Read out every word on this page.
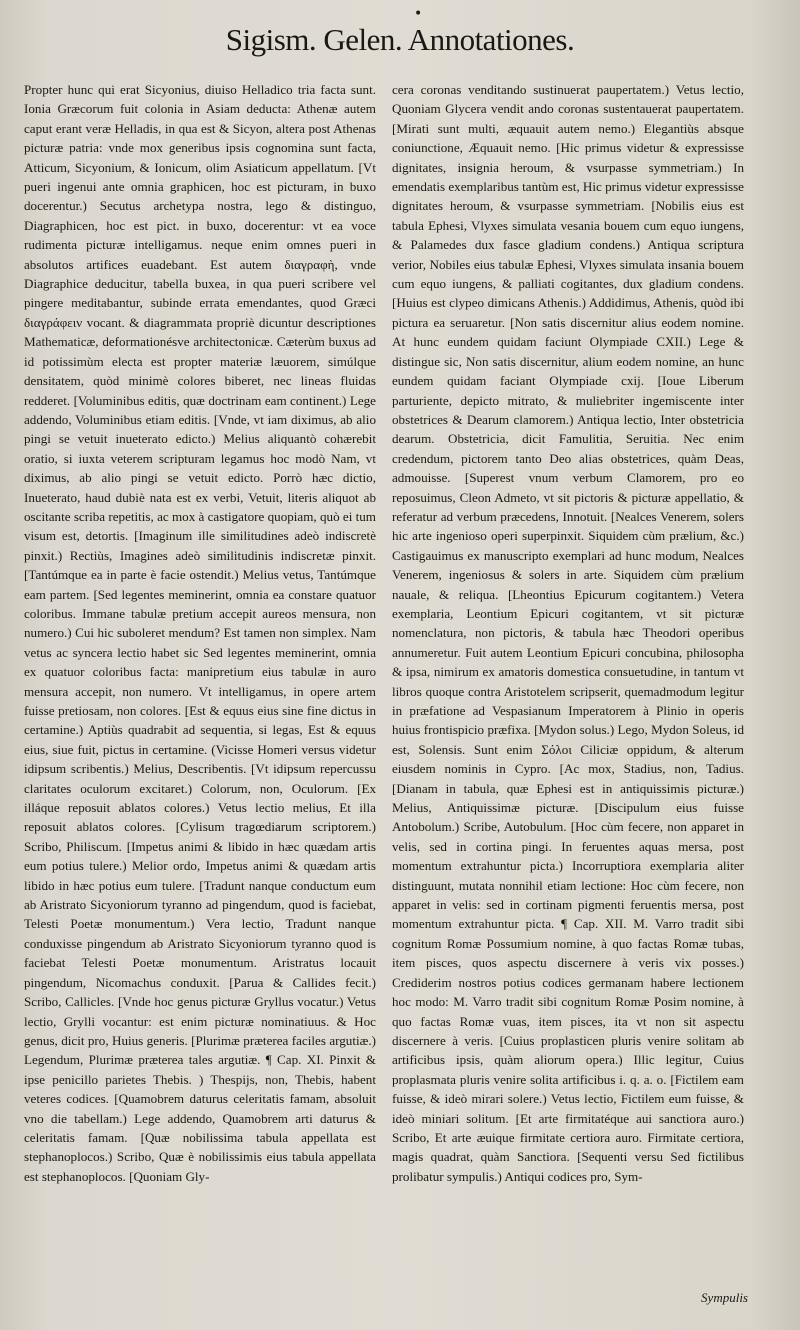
•
Sigism. Gelen. Annotationes.

Propter hunc qui erat Sicyonius, diuiso Helladico tria facta sunt. Ionia Græcorum fuit colonia in Asiam deducta: Athenæ autem caput erant veræ Helladis, in qua est & Sicyon, altera post Athenas picturæ patria: vnde mox generibus ipsis cognomina sunt facta, Atticum, Sicyonium, & Ionicum, olim Asiaticum appellatum. [Vt pueri ingenui ante omnia graphicen, hoc est picturam, in buxo docerentur.) Secutus archetypa nostra, lego & distinguo, Diagraphicen, hoc est pict. in buxo, docerentur: vt ea voce rudimenta picturæ intelligamus. neque enim omnes pueri in absolutos artifices euadebant. Est autem διαγραφὴ, vnde Diagraphice deducitur, tabella buxea, in qua pueri scribere vel pingere meditabantur, subinde errata emendantes, quod Græci διαγράφειν vocant. & diagrammata propriè dicuntur descriptiones Mathematicæ, deformationésve architectonicæ. Cæterùm buxus ad id potissimùm electa est propter materiæ læuorem, simúlque densitatem, quòd minimè colores biberet, nec lineas fluidas redderet. [Voluminibus editis, quæ doctrinam eam continent.) Lege addendo, Voluminibus etiam editis. [Vnde, vt iam diximus, ab alio pingi se vetuit inueterato edicto.) Melius aliquantò cohærebit oratio, si iuxta veterem scripturam legamus hoc modò Nam, vt diximus, ab alio pingi se vetuit edicto. Porrò hæc dictio, Inueterato, haud dubiè nata est ex verbi, Vetuit, literis aliquot ab oscitante scriba repetitis, ac mox à castigatore quopiam, quò ei tum visum est, detortis. [Imaginum ille similitudines adeò indiscretè pinxit.) Rectiùs, Imagines adeò similitudinis indiscretæ pinxit. [Tantúmque ea in parte è facie ostendit.) Melius vetus, Tantúmque eam partem. [Sed legentes meminerint, omnia ea constare quatuor coloribus. Immane tabulæ pretium accepit aureos mensura, non numero.) Cui hic suboleret mendum? Est tamen non simplex. Nam vetus ac syncera lectio habet sic Sed legentes meminerint, omnia ex quatuor coloribus facta: manipretium eius tabulæ in auro mensura accepit, non numero. Vt intelligamus, in opere artem fuisse pretiosam, non colores. [Est & equus eius sine fine dictus in certamine.) Aptiùs quadrabit ad sequentia, si legas, Est & equus eius, siue fuit, pictus in certamine. (Vicisse Homeri versus videtur idipsum scribentis.) Melius, Describentis. [Vt idipsum repercussu claritates oculorum excitaret.) Colorum, non, Oculorum. [Ex illáque reposuit ablatos colores.) Vetus lectio melius, Et illa reposuit ablatos colores. [Cylisum tragœdiarum scriptorem.) Scribo, Philiscum. [Impetus animi & libido in hæc quædam artis eum potius tulere.) Melior ordo, Impetus animi & quædam artis libido in hæc potius eum tulere. [Tradunt nanque conductum eum ab Aristrato Sicyoniorum tyranno ad pingendum, quod is faciebat, Telesti Poetæ monumentum.) Vera lectio, Tradunt nanque conduxisse pingendum ab Aristrato Sicyoniorum tyranno quod is faciebat Telesti Poetæ monumentum. Aristratus locauit pingendum, Nicomachus conduxit. [Parua & Callides fecit.) Scribo, Callicles. [Vnde hoc genus picturæ Gryllus vocatur.) Vetus lectio, Grylli vocantur: est enim picturæ nominatiuus. & Hoc genus, dicit pro, Huius generis. [Plurimæ præterea faciles argutiæ.) Legendum, Plurimæ præterea tales argutiæ. ¶ Cap. XI. Pinxit & ipse penicillo parietes Thebis. ) Thespijs, non, Thebis, habent veteres codices. [Quamobrem daturus celeritatis famam, absoluit vno die tabellam.) Lege addendo, Quamobrem arti daturus & celeritatis famam. [Quæ nobilissima tabula appellata est stephanoplocos.) Scribo, Quæ è nobilissimis eius tabula appellata est stephanoplocos. [Quoniam Gly-

cera coronas venditando sustinuerat paupertatem.) Vetus lectio, Quoniam Glycera vendit ando coronas sustentauerat paupertatem. [Mirati sunt multi, æquauit autem nemo.) Elegantiùs absque coniunctione, Æquauit nemo. [Hic primus videtur & expressisse dignitates, insignia heroum, & vsurpasse symmetriam.) In emendatis exemplaribus tantùm est, Hic primus videtur expressisse dignitates heroum, & vsurpasse symmetriam. [Nobilis eius est tabula Ephesi, Vlyxes simulata vesania bouem cum equo iungens, & Palamedes dux fasce gladium condens.) Antiqua scriptura verior, Nobiles eius tabulæ Ephesi, Vlyxes simulata insania bouem cum equo iungens, & palliati cogitantes, dux gladium condens. [Huius est clypeo dimicans Athenis.) Addidimus, Athenis, quòd ibi pictura ea seruaretur. [Non satis discernitur alius eodem nomine. At hunc eundem quidam faciunt Olympiade CXII.) Lege & distingue sic, Non satis discernitur, alium eodem nomine, an hunc eundem quidam faciant Olympiade cxij. [Ioue Liberum parturiente, depicto mitrato, & muliebriter ingemiscente inter obstetrices & Dearum clamorem.) Antiqua lectio, Inter obstetricia dearum. Obstetricia, dicit Famulitia, Seruitia. Nec enim credendum, pictorem tanto Deo alias obstetrices, quàm Deas, admouisse. [Superest vnum verbum Clamorem, pro eo reposuimus, Cleon Admeto, vt sit pictoris & picturæ appellatio, & referatur ad verbum præcedens, Innotuit. [Nealces Venerem, solers hic arte ingenioso operi superpinxit. Siquidem cùm prælium, &c.) Castigauimus ex manuscripto exemplari ad hunc modum, Nealces Venerem, ingeniosus & solers in arte. Siquidem cùm prælium nauale, & reliqua. [Lheontius Epicurum cogitantem.) Vetera exemplaria, Leontium Epicuri cogitantem, vt sit picturæ nomenclatura, non pictoris, & tabula hæc Theodori operibus annumeretur. Fuit autem Leontium Epicuri concubina, philosopha & ipsa, nimirum ex amatoris domestica consuetudine, in tantum vt libros quoque contra Aristotelem scripserit, quemadmodum legitur in præfatione ad Vespasianum Imperatorem à Plinio in operis huius frontispicio præfixa. [Mydon solus.) Lego, Mydon Soleus, id est, Solensis. Sunt enim Σόλοι Ciliciæ oppidum, & alterum eiusdem nominis in Cypro. [Ac mox, Stadius, non, Tadius. [Dianam in tabula, quæ Ephesi est in antiquissimis picturæ.) Melius, Antiquissimæ picturæ. [Discipulum eius fuisse Antobolum.) Scribe, Autobulum. [Hoc cùm fecere, non apparet in velis, sed in cortina pingi. In feruentes aquas mersa, post momentum extrahuntur picta.) Incorruptiora exemplaria aliter distinguunt, mutata nonnihil etiam lectione: Hoc cùm fecere, non apparet in velis: sed in cortinam pigmenti feruentis mersa, post momentum extrahuntur picta. ¶ Cap. XII. M. Varro tradit sibi cognitum Romæ Possumium nomine, à quo factas Romæ tubas, item pisces, quos aspectu discernere à veris vix posses.) Crediderim nostros potius codices germanam habere lectionem hoc modo: M. Varro tradit sibi cognitum Romæ Posim nomine, à quo factas Romæ vuas, item pisces, ita vt non sit aspectu discernere à veris. [Cuius proplasticen pluris venire solitam ab artificibus ipsis, quàm aliorum opera.) Illic legitur, Cuius proplasmata pluris venire solita artificibus i. q. a. o. [Fictilem eam fuisse, & ideò mirari solere.) Vetus lectio, Fictilem eum fuisse, & ideò miniari solitum. [Et arte firmitatéque aui sanctiora auro.) Scribo, Et arte æuique firmitate certiora auro. Firmitate certiora, magis quadrat, quàm Sanctiora. [Sequenti versu Sed fictilibus prolibatur sympulis.) Antiqui codices pro, Sym-

Sympulis
